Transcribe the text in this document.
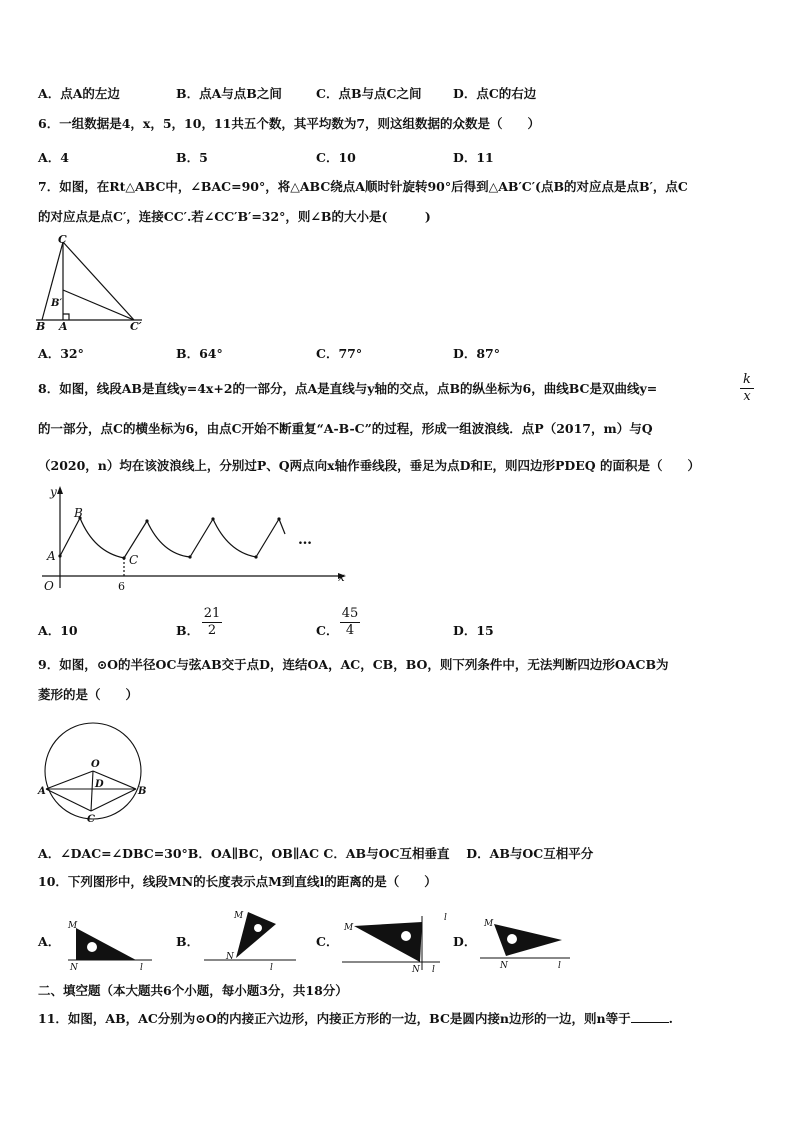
A．点A的左边	B．点A与点B之间	C．点B与点C之间	D．点C的右边
6．一组数据是4，x，5，10，11共五个数，其平均数为7，则这组数据的众数是（　　）
A．4	B．5	C．10	D．11
7．如图，在Rt△ABC中，∠BAC=90°，将△ABC绕点A顺时针旋转90°后得到△AB′C′(点B的对应点是点B′，点C
的对应点是点C′，连接CC′.若∠CC′B′=32°，则∠B的大小是(　　　)
C
B′
B A	C′
A．32°	B．64°	C．77°	D．87°
8．如图，线段AB是直线y=4x+2的一部分，点A是直线与y轴的交点，点B的纵坐标为6，曲线BC是双曲线y=	$\frac{k}{x}$
的一部分，点C的横坐标为6，由点C开始不断重复“A-B-C”的过程，形成一组波浪线．点P（2017，m）与Q
（2020，n）均在该波浪线上，分别过P、Q两点向x轴作垂线段，垂足为点D和E，则四边形PDEQ 的面积是（　　）
y
x
O
A
B
C
6
…
A．10	B． $\frac{21}{2}$	C． $\frac{45}{4}$	D．15
9．如图，⊙O的半径OC与弦AB交于点D，连结OA，AC，CB，BO，则下列条件中，无法判断四边形OACB为
菱形的是（　　）
O
D
A	B
C
A．∠DAC=∠DBC=30°B．OA∥BC，OB∥AC C．AB与OC互相垂直　 D．AB与OC互相平分
10．下列图形中，线段MN的长度表示点M到直线l的距离的是（　　）
A．
M
N	l
B．
M
N
l
C．
M
N l
l
D．
M
N	l
二、填空题（本大题共6个小题，每小题3分，共18分）
11．如图，AB，AC分别为⊙O的内接正六边形，内接正方形的一边，BC是圆内接n边形的一边，则n等于	.
